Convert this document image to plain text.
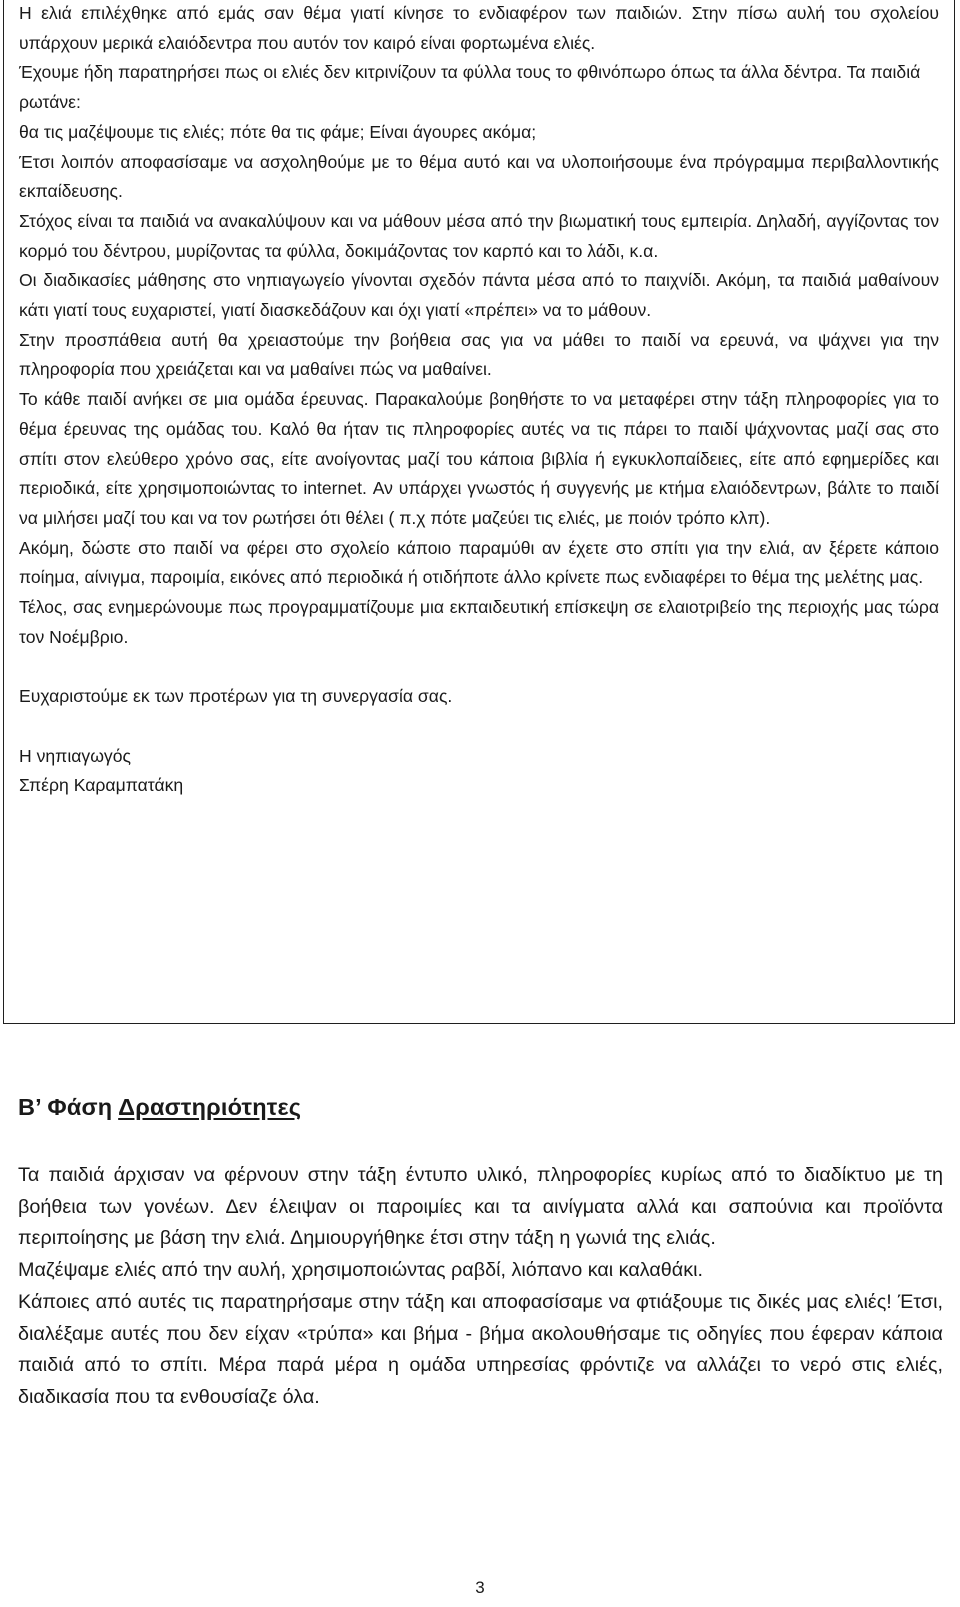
Η ελιά επιλέχθηκε από εμάς σαν θέμα γιατί κίνησε το ενδιαφέρον των παιδιών. Στην πίσω αυλή του σχολείου υπάρχουν μερικά ελαιόδεντρα που αυτόν τον καιρό είναι φορτωμένα ελιές.

Έχουμε ήδη παρατηρήσει πως οι ελιές δεν κιτρινίζουν τα φύλλα τους το φθινόπωρο όπως τα άλλα δέντρα. Τα παιδιά ρωτάνε:

θα τις μαζέψουμε τις ελιές; πότε θα τις φάμε; Είναι άγουρες ακόμα;

Έτσι λοιπόν αποφασίσαμε να ασχοληθούμε με το θέμα αυτό και να υλοποιήσουμε ένα πρόγραμμα περιβαλλοντικής εκπαίδευσης.

Στόχος είναι τα παιδιά να ανακαλύψουν και να μάθουν μέσα από την βιωματική τους εμπειρία. Δηλαδή, αγγίζοντας τον κορμό του δέντρου, μυρίζοντας τα φύλλα, δοκιμάζοντας τον καρπό και το λάδι, κ.α.

Οι διαδικασίες μάθησης στο νηπιαγωγείο γίνονται σχεδόν πάντα μέσα από το παιχνίδι. Ακόμη, τα παιδιά μαθαίνουν κάτι γιατί τους ευχαριστεί, γιατί διασκεδάζουν και όχι γιατί «πρέπει» να το μάθουν.

Στην προσπάθεια αυτή θα χρειαστούμε την βοήθεια σας για να μάθει το παιδί να ερευνά, να ψάχνει για την πληροφορία που χρειάζεται και να μαθαίνει πώς να μαθαίνει.

Το κάθε παιδί ανήκει σε μια ομάδα έρευνας. Παρακαλούμε βοηθήστε το να μεταφέρει στην τάξη πληροφορίες για το θέμα έρευνας της ομάδας του. Καλό θα ήταν τις πληροφορίες αυτές να τις πάρει το παιδί ψάχνοντας μαζί σας στο σπίτι στον ελεύθερο χρόνο σας, είτε ανοίγοντας μαζί του κάποια βιβλία ή εγκυκλοπαίδειες, είτε από εφημερίδες και περιοδικά, είτε χρησιμοποιώντας το internet. Αν υπάρχει γνωστός ή συγγενής με κτήμα ελαιόδεντρων, βάλτε το παιδί να μιλήσει μαζί του και να τον ρωτήσει ότι θέλει ( π.χ πότε μαζεύει τις ελιές, με ποιόν τρόπο κλπ).

Ακόμη, δώστε στο παιδί να φέρει στο σχολείο κάποιο παραμύθι αν έχετε στο σπίτι για την ελιά, αν ξέρετε κάποιο ποίημα, αίνιγμα, παροιμία, εικόνες από περιοδικά ή οτιδήποτε άλλο κρίνετε πως ενδιαφέρει το θέμα της μελέτης μας.

Τέλος, σας ενημερώνουμε πως προγραμματίζουμε μια εκπαιδευτική επίσκεψη σε ελαιοτριβείο της περιοχής μας τώρα τον Νοέμβριο.

Ευχαριστούμε εκ των προτέρων για τη συνεργασία σας.

Η νηπιαγωγός

Σπέρη Καραμπατάκη

Β’ Φάση Δραστηριότητες

Τα παιδιά άρχισαν να φέρνουν στην τάξη έντυπο υλικό, πληροφορίες κυρίως από το διαδίκτυο με τη βοήθεια των γονέων. Δεν έλειψαν οι παροιμίες και τα αινίγματα αλλά και σαπούνια και προϊόντα περιποίησης με βάση την ελιά. Δημιουργήθηκε έτσι στην τάξη η γωνιά της ελιάς.

Μαζέψαμε ελιές από την αυλή, χρησιμοποιώντας ραβδί, λιόπανο και καλαθάκι.

Κάποιες από αυτές τις παρατηρήσαμε στην τάξη και αποφασίσαμε να φτιάξουμε τις δικές μας ελιές! Έτσι, διαλέξαμε αυτές που δεν είχαν «τρύπα» και βήμα - βήμα ακολουθήσαμε τις οδηγίες που έφεραν κάποια παιδιά από το σπίτι. Μέρα παρά μέρα η ομάδα υπηρεσίας φρόντιζε να αλλάζει το νερό στις ελιές, διαδικασία που τα ενθουσίαζε όλα.

3
